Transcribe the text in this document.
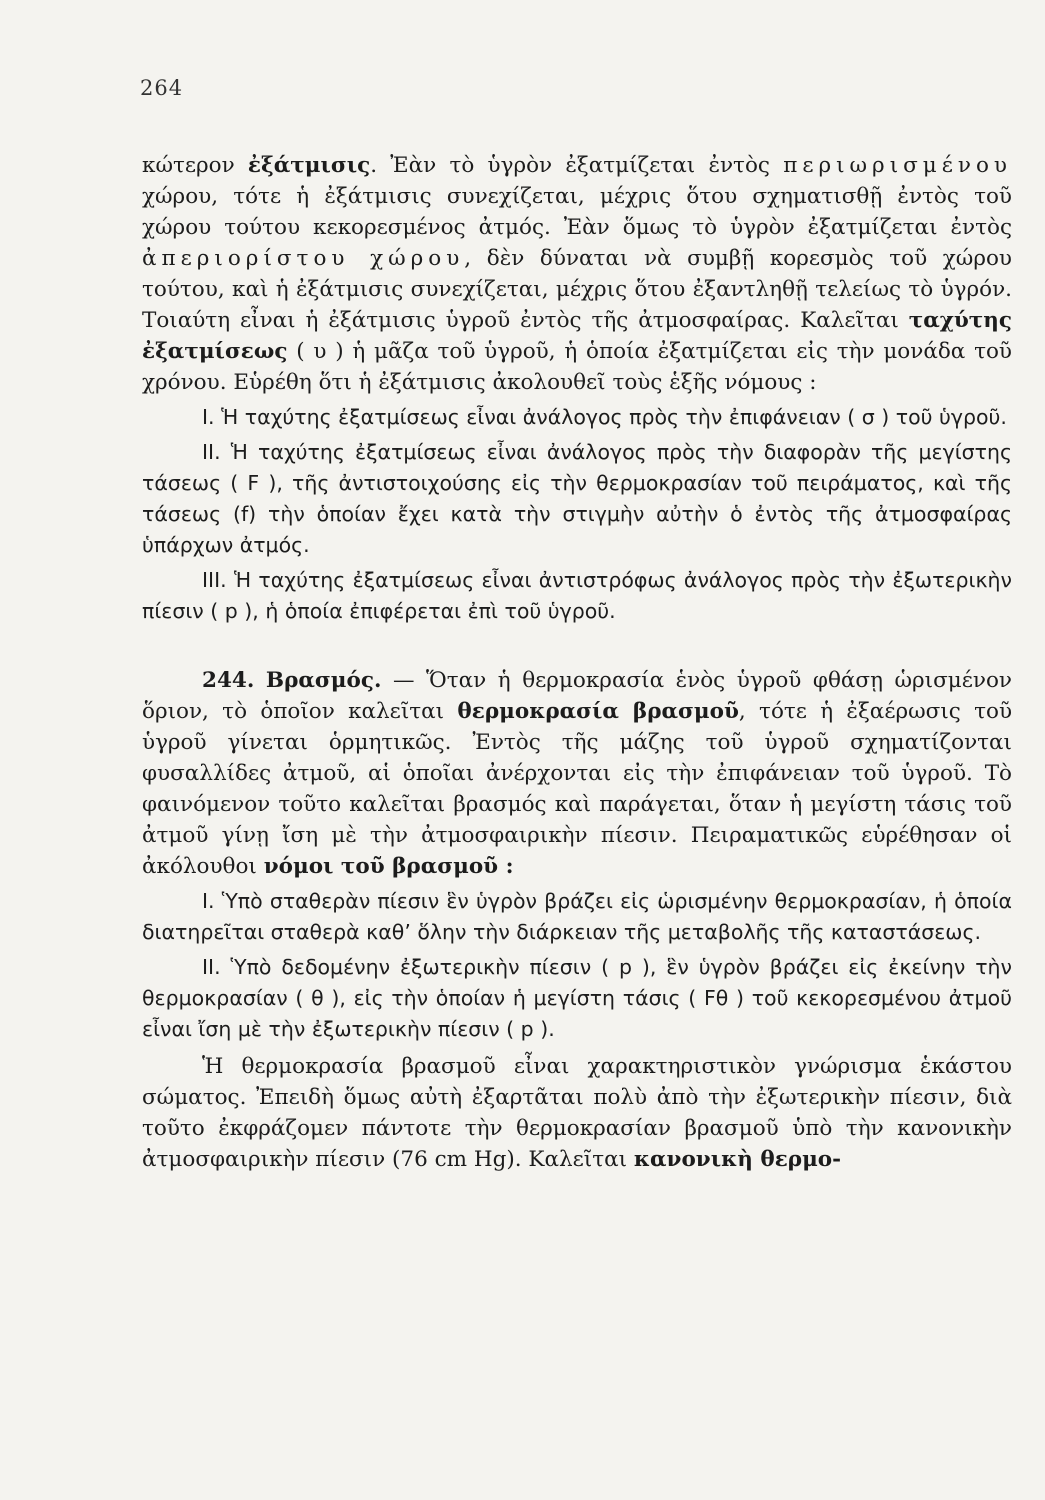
264

κώτερον ἐξάτμισις. Ἐὰν τὸ ὑγρὸν ἐξατμίζεται ἐντὸς περιωρισμένου χώρου, τότε ἡ ἐξάτμισις συνεχίζεται, μέχρις ὅτου σχηματισθῇ ἐντὸς τοῦ χώρου τούτου κεκορεσμένος ἀτμός. Ἐὰν ὅμως τὸ ὑγρὸν ἐξατμίζεται ἐντὸς ἀπεριορίστου χώρου, δὲν δύναται νὰ συμβῇ κορεσμὸς τοῦ χώρου τούτου, καὶ ἡ ἐξάτμισις συνεχίζεται, μέχρις ὅτου ἐξαντληθῇ τελείως τὸ ὑγρόν. Τοιαύτη εἶναι ἡ ἐξάτμισις ὑγροῦ ἐντὸς τῆς ἀτμοσφαίρας. Καλεῖται ταχύτης ἐξατμίσεως ( υ ) ἡ μᾶζα τοῦ ὑγροῦ, ἡ ὁποία ἐξατμίζεται εἰς τὴν μονάδα τοῦ χρόνου. Εὑρέθη ὅτι ἡ ἐξάτμισις ἀκολουθεῖ τοὺς ἑξῆς νόμους :

I. Ἡ ταχύτης ἐξατμίσεως εἶναι ἀνάλογος πρὸς τὴν ἐπιφάνειαν ( σ ) τοῦ ὑγροῦ.

II. Ἡ ταχύτης ἐξατμίσεως εἶναι ἀνάλογος πρὸς τὴν διαφορὰν τῆς μεγίστης τάσεως ( F ), τῆς ἀντιστοιχούσης εἰς τὴν θερμοκρασίαν τοῦ πειράματος, καὶ τῆς τάσεως (f) τὴν ὁποίαν ἔχει κατὰ τὴν στιγμὴν αὐτὴν ὁ ἐντὸς τῆς ἀτμοσφαίρας ὑπάρχων ἀτμός.

III. Ἡ ταχύτης ἐξατμίσεως εἶναι ἀντιστρόφως ἀνάλογος πρὸς τὴν ἐξωτερικὴν πίεσιν ( p ), ἡ ὁποία ἐπιφέρεται ἐπὶ τοῦ ὑγροῦ.

244. Βρασμός. — Ὅταν ἡ θερμοκρασία ἑνὸς ὑγροῦ φθάσῃ ὡρισμένον ὅριον, τὸ ὁποῖον καλεῖται θερμοκρασία βρασμοῦ, τότε ἡ ἐξαέρωσις τοῦ ὑγροῦ γίνεται ὁρμητικῶς. Ἐντὸς τῆς μάζης τοῦ ὑγροῦ σχηματίζονται φυσαλλίδες ἀτμοῦ, αἱ ὁποῖαι ἀνέρχονται εἰς τὴν ἐπιφάνειαν τοῦ ὑγροῦ. Τὸ φαινόμενον τοῦτο καλεῖται βρασμός καὶ παράγεται, ὅταν ἡ μεγίστη τάσις τοῦ ἀτμοῦ γίνῃ ἴση μὲ τὴν ἀτμοσφαιρικὴν πίεσιν. Πειραματικῶς εὑρέθησαν οἱ ἀκόλουθοι νόμοι τοῦ βρασμοῦ :

I. Ὑπὸ σταθερὰν πίεσιν ἓν ὑγρὸν βράζει εἰς ὡρισμένην θερμοκρασίαν, ἡ ὁποία διατηρεῖται σταθερὰ καθ’ ὅλην τὴν διάρκειαν τῆς μεταβολῆς τῆς καταστάσεως.

II. Ὑπὸ δεδομένην ἐξωτερικὴν πίεσιν ( p ), ἓν ὑγρὸν βράζει εἰς ἐκείνην τὴν θερμοκρασίαν ( θ ), εἰς τὴν ὁποίαν ἡ μεγίστη τάσις ( Fθ ) τοῦ κεκορεσμένου ἀτμοῦ εἶναι ἴση μὲ τὴν ἐξωτερικὴν πίεσιν ( p ).

Ἡ θερμοκρασία βρασμοῦ εἶναι χαρακτηριστικὸν γνώρισμα ἑκάστου σώματος. Ἐπειδὴ ὅμως αὐτὴ ἐξαρτᾶται πολὺ ἀπὸ τὴν ἐξωτερικὴν πίεσιν, διὰ τοῦτο ἐκφράζομεν πάντοτε τὴν θερμοκρασίαν βρασμοῦ ὑπὸ τὴν κανονικὴν ἀτμοσφαιρικὴν πίεσιν (76 cm Hg). Καλεῖται κανονικὴ θερμο-
